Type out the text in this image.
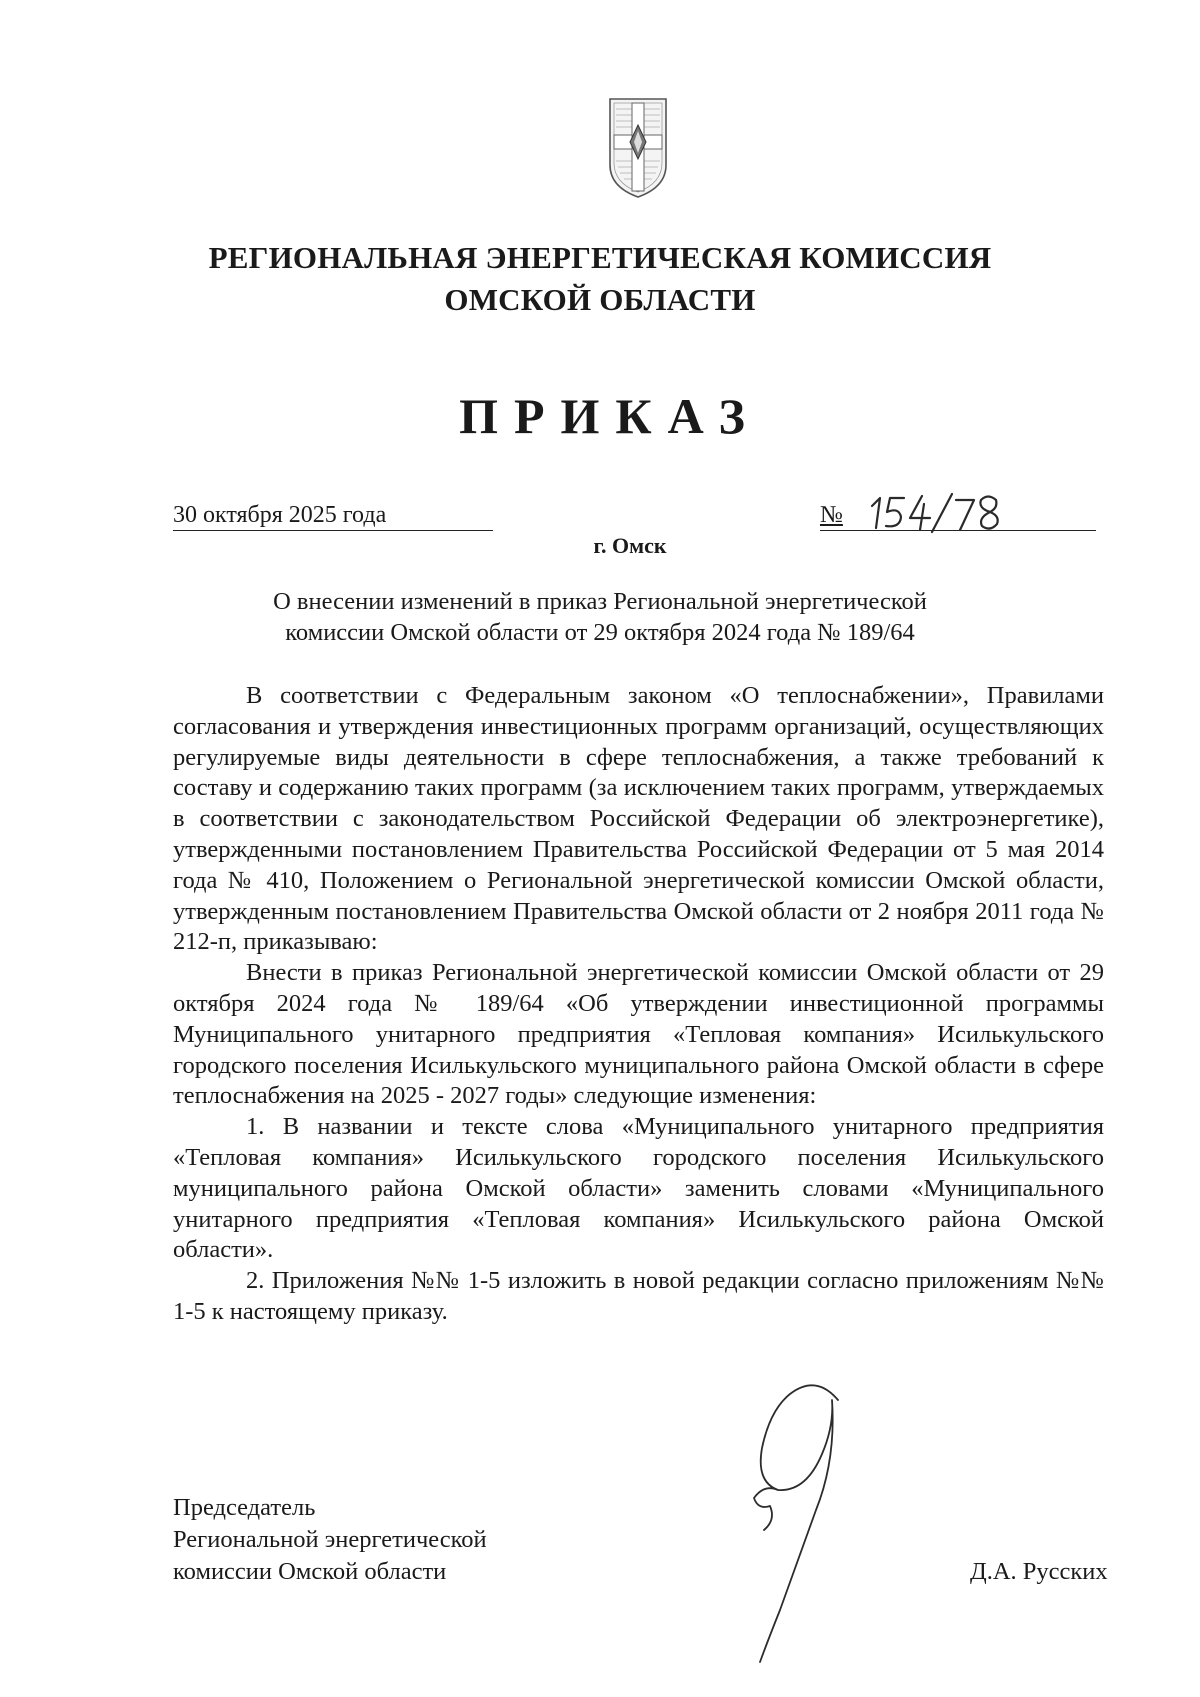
РЕГИОНАЛЬНАЯ ЭНЕРГЕТИЧЕСКАЯ КОМИССИЯ
ОМСКОЙ ОБЛАСТИ
ПРИКАЗ
30 октября 2025 года	№
г. Омск
О внесении изменений в приказ Региональной энергетической
комиссии Омской области от 29 октября 2024 года № 189/64

В соответствии с Федеральным законом «О теплоснабжении», Правилами согласования и утверждения инвестиционных программ организаций, осуществляющих регулируемые виды деятельности в сфере теплоснабжения, а также требований к составу и содержанию таких программ (за исключением таких программ, утверждаемых в соответствии с законодательством Российской Федерации об электроэнергетике), утвержденными постановлением Правительства Российской Федерации от 5 мая 2014 года № 410, Положением о Региональной энергетической комиссии Омской области, утвержденным постановлением Правительства Омской области от 2 ноября 2011 года № 212-п, приказываю:

Внести в приказ Региональной энергетической комиссии Омской области от 29 октября 2024 года № 189/64 «Об утверждении инвестиционной программы Муниципального унитарного предприятия «Тепловая компания» Исилькульского городского поселения Исилькульского муниципального района Омской области в сфере теплоснабжения на 2025 - 2027 годы» следующие изменения:

1. В названии и тексте слова «Муниципального унитарного предприятия «Тепловая компания» Исилькульского городского поселения Исилькульского муниципального района Омской области» заменить словами «Муниципального унитарного предприятия «Тепловая компания» Исилькульского района Омской области».

2. Приложения №№ 1-5 изложить в новой редакции согласно приложениям №№ 1-5 к настоящему приказу.

Председатель
Региональной энергетической
комиссии Омской области	Д.А. Русских
